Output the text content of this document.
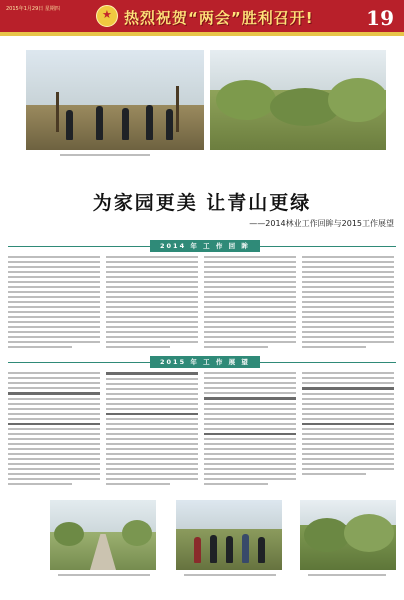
2015年1月29日 星期四
★	热烈祝贺“两会”胜利召开!	19
为家园更美 让青山更绿
——2014林业工作回眸与2015工作展望
2014 年 工 作 回 眸
2015 年 工 作 展 望
